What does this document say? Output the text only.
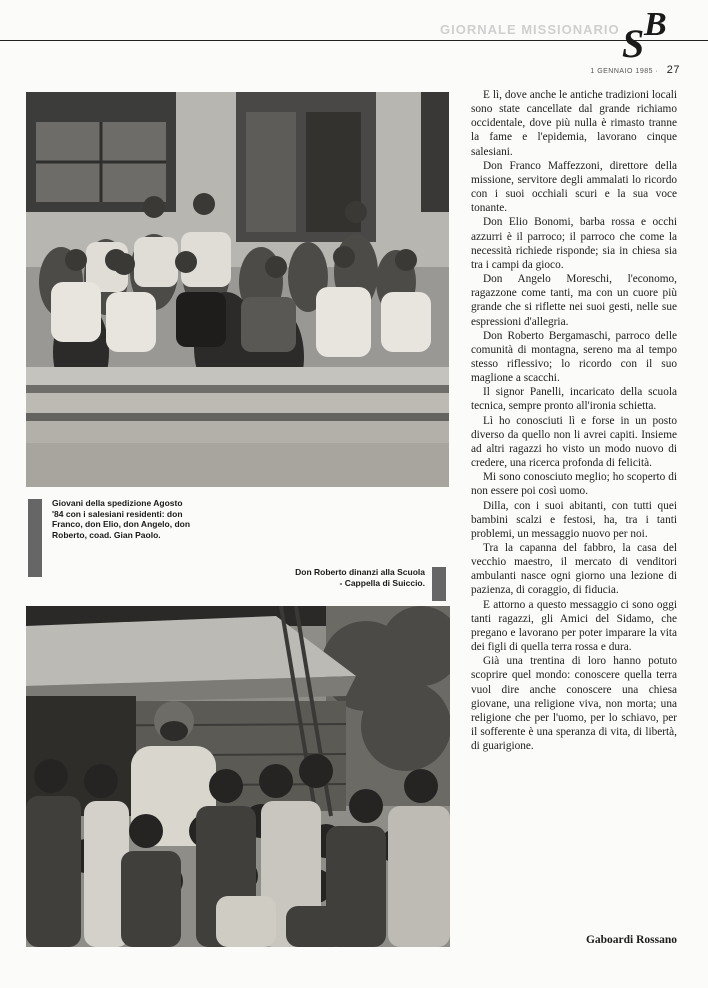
GIORNALE MISSIONARIO S B
1 GENNAIO 1985 · 27
Giovani della spedizione Agosto '84 con i salesiani residenti: don Franco, don Elio, don Angelo, don Roberto, coad. Gian Paolo.
Don Roberto dinanzi alla Scuola - Cappella di Suiccio.

E lì, dove anche le antiche tradizioni locali sono state cancellate dal grande richiamo occidentale, dove più nulla è rimasto tranne la fame e l'epidemia, lavorano cinque salesiani.

Don Franco Maffezzoni, direttore della missione, servitore degli ammalati lo ricordo con i suoi occhiali scuri e la sua voce tonante.

Don Elio Bonomi, barba rossa e occhi azzurri è il parroco; il parroco che come la necessità richiede risponde; sia in chiesa sia tra i campi da gioco.

Don Angelo Moreschi, l'economo, ragazzone come tanti, ma con un cuore più grande che si riflette nei suoi gesti, nelle sue espressioni d'allegria.

Don Roberto Bergamaschi, parroco delle comunità di montagna, sereno ma al tempo stesso riflessivo; lo ricordo con il suo maglione a scacchi.

Il signor Panelli, incaricato della scuola tecnica, sempre pronto all'ironia schietta.

Lì ho conosciuti lì e forse in un posto diverso da quello non li avrei capiti. Insieme ad altri ragazzi ho visto un modo nuovo di credere, una ricerca profonda di felicità.

Mi sono conosciuto meglio; ho scoperto di non essere poi così uomo.

Dilla, con i suoi abitanti, con tutti quei bambini scalzi e festosi, ha, tra i tanti problemi, un messaggio nuovo per noi.

Tra la capanna del fabbro, la casa del vecchio maestro, il mercato di venditori ambulanti nasce ogni giorno una lezione di pazienza, di coraggio, di fiducia.

E attorno a questo messaggio ci sono oggi tanti ragazzi, gli Amici del Sidamo, che pregano e lavorano per poter imparare la vita dei figli di quella terra rossa e dura.

Già una trentina di loro hanno potuto scoprire quel mondo: conoscere quella terra vuol dire anche conoscere una chiesa giovane, una religione viva, non morta; una religione che per l'uomo, per lo schiavo, per il sofferente è una speranza di vita, di libertà, di guarigione.

Gaboardi Rossano
